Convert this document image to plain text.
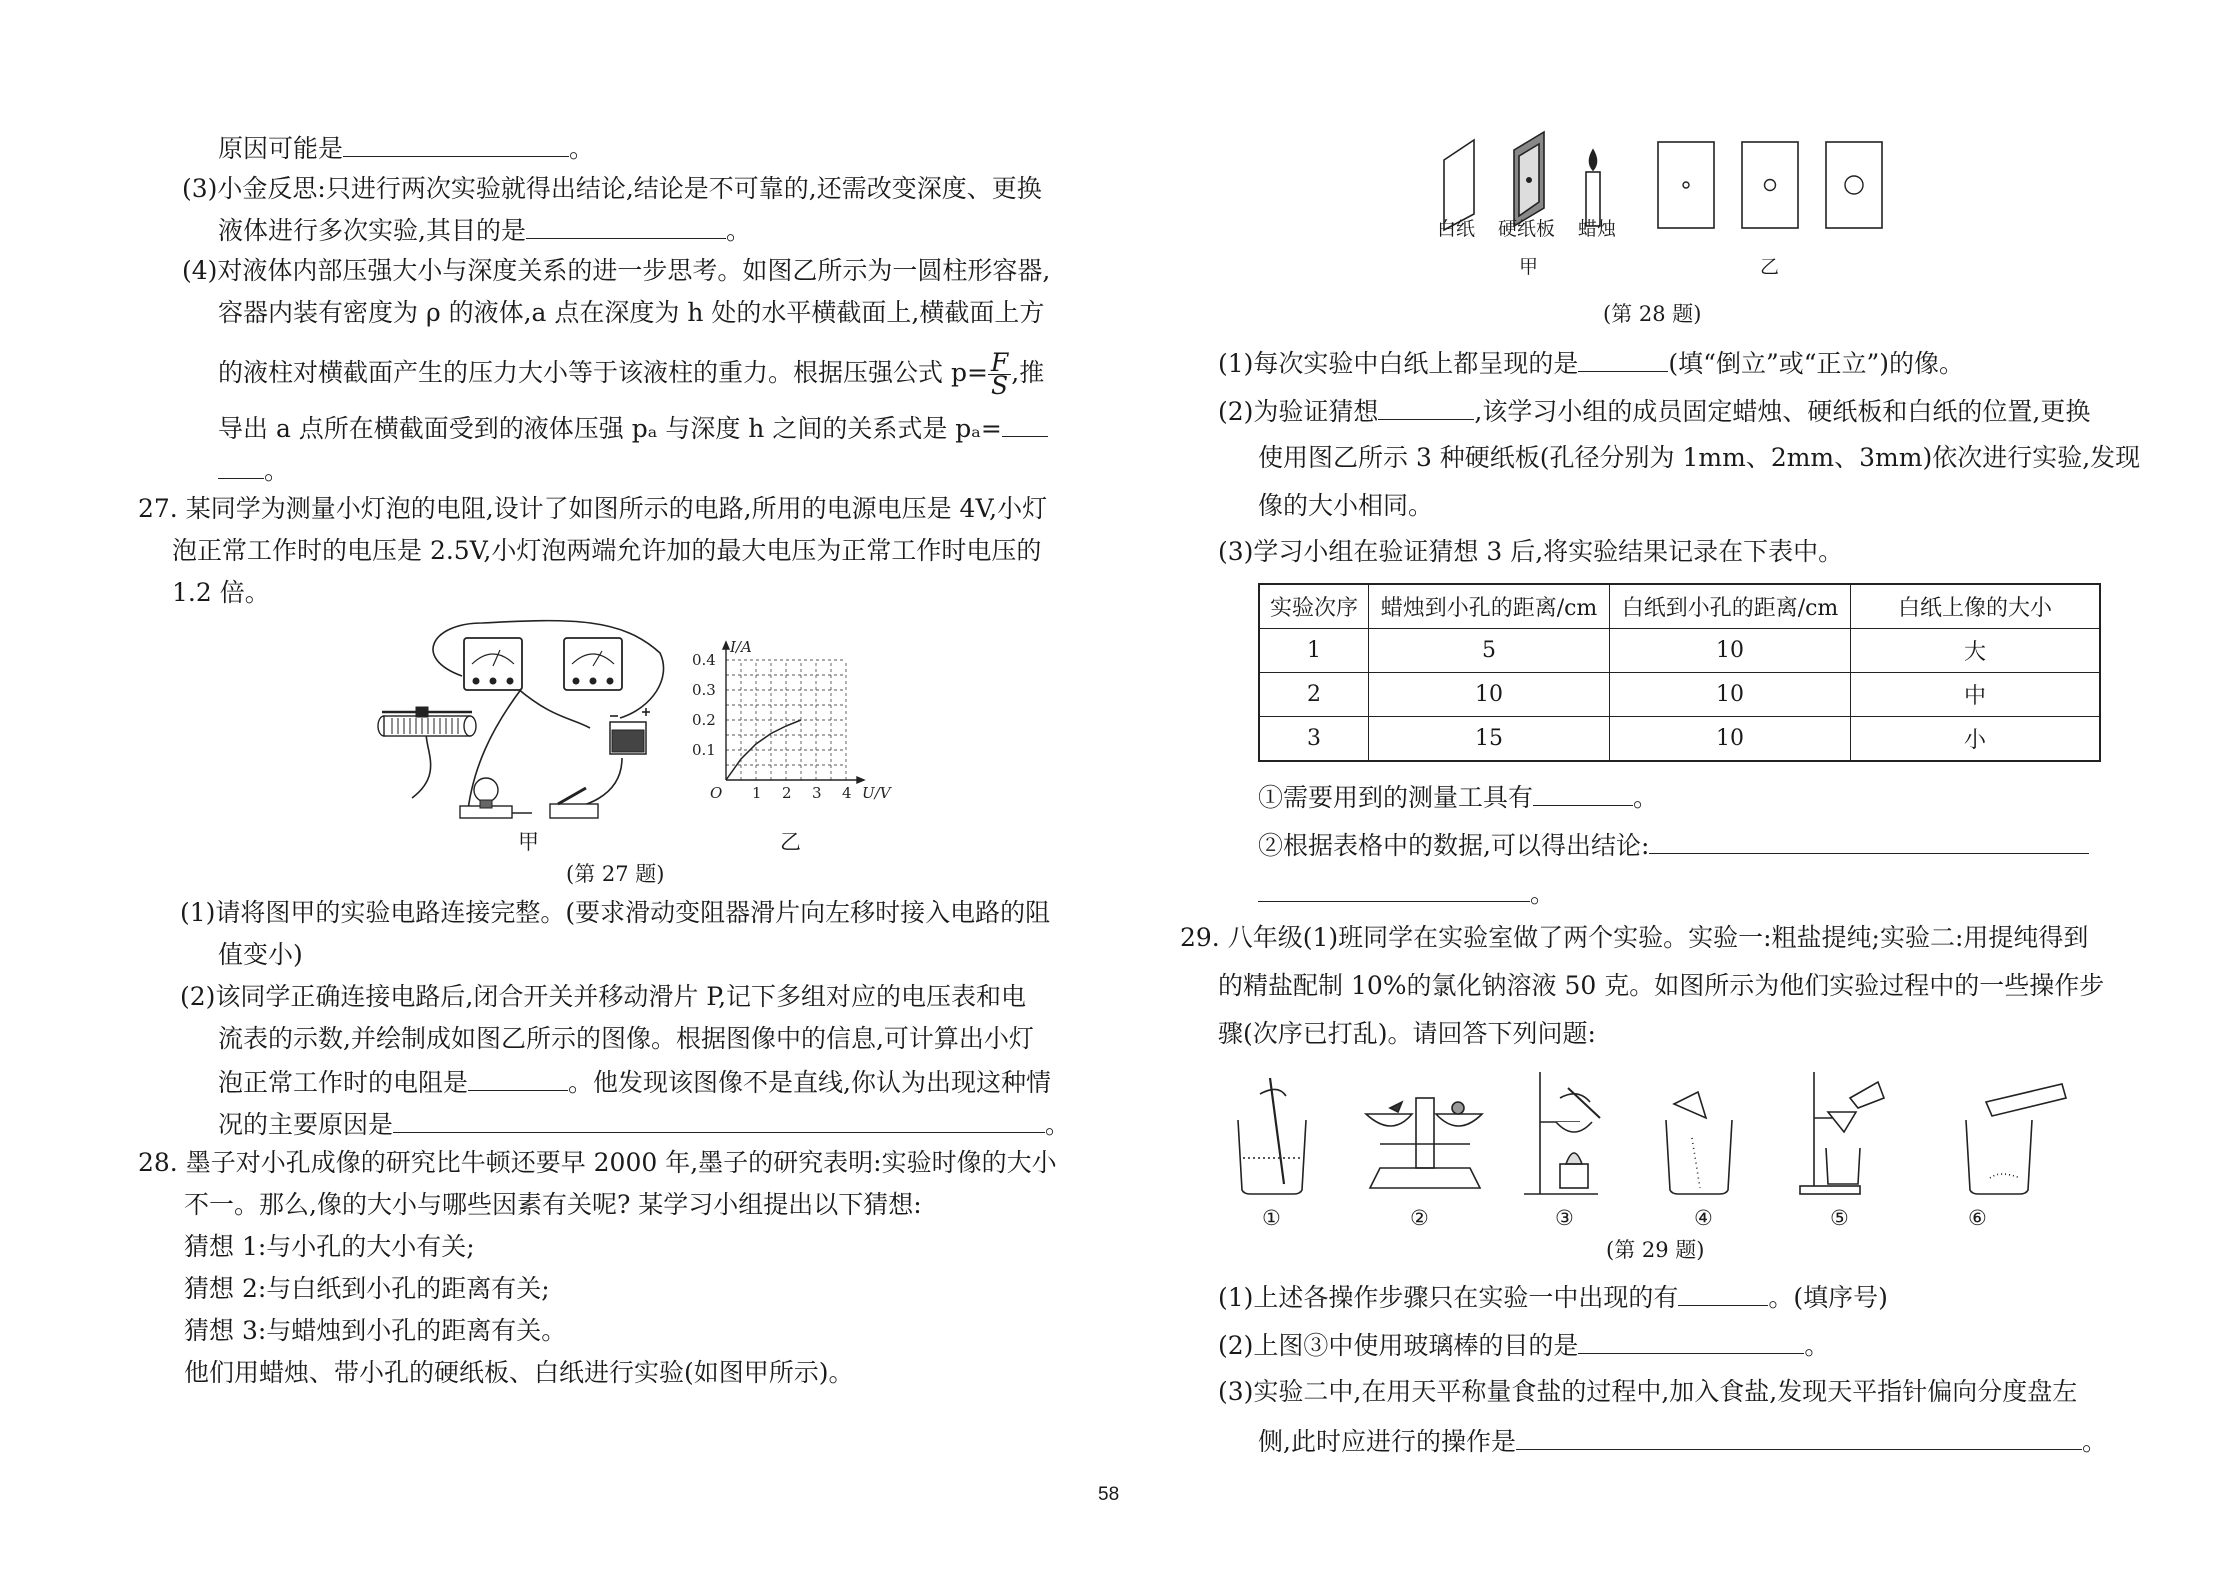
原因可能是	。
(3)小金反思:只进行两次实验就得出结论,结论是不可靠的,还需改变深度、更换
液体进行多次实验,其目的是	。
(4)对液体内部压强大小与深度关系的进一步思考。如图乙所示为一圆柱形容器,
容器内装有密度为 ρ 的液体,a 点在深度为 h 处的水平横截面上,横截面上方
的液柱对横截面产生的压力大小等于该液柱的重力。根据压强公式 $p= \frac{F}{S}$ ,推
导出 a 点所在横截面受到的液体压强 pₐ 与深度 h 之间的关系式是 pₐ=
。
27. 某同学为测量小灯泡的电阻,设计了如图所示的电路,所用的电源电压是 4V,小灯
泡正常工作时的电压是 2.5V,小灯泡两端允许加的最大电压为正常工作时电压的
1.2 倍。
甲
1 2 3 4
0.1
0.2
0.3
0.4
O	U/V
I/A
乙
(第 27 题)
(1)请将图甲的实验电路连接完整。(要求滑动变阻器滑片向左移时接入电路的阻
值变小)
(2)该同学正确连接电路后,闭合开关并移动滑片 P,记下多组对应的电压表和电
流表的示数,并绘制成如图乙所示的图像。根据图像中的信息,可计算出小灯
泡正常工作时的电阻是	。他发现该图像不是直线,你认为出现这种情
况的主要原因是	。
28. 墨子对小孔成像的研究比牛顿还要早 2000 年,墨子的研究表明:实验时像的大小
不一。那么,像的大小与哪些因素有关呢? 某学习小组提出以下猜想:
猜想 1:与小孔的大小有关;
猜想 2:与白纸到小孔的距离有关;
猜想 3:与蜡烛到小孔的距离有关。
他们用蜡烛、带小孔的硬纸板、白纸进行实验(如图甲所示)。
白纸 硬纸板 蜡烛
甲	乙
(第 28 题)
(1)每次实验中白纸上都呈现的是	(填“倒立”或“正立”)的像。
(2)为验证猜想	,该学习小组的成员固定蜡烛、硬纸板和白纸的位置,更换
使用图乙所示 3 种硬纸板(孔径分别为 1mm、2mm、3mm)依次进行实验,发现
像的大小相同。
(3)学习小组在验证猜想 3 后,将实验结果记录在下表中。
实验次序	蜡烛到小孔的距离/cm	白纸到小孔的距离/cm	白纸上像的大小
1	5	10	大
2	10	10	中
3	15	10	小
①需要用到的测量工具有	。
②根据表格中的数据,可以得出结论:
。
29. 八年级(1)班同学在实验室做了两个实验。实验一:粗盐提纯;实验二:用提纯得到
的精盐配制 10%的氯化钠溶液 50 克。如图所示为他们实验过程中的一些操作步
骤(次序已打乱)。请回答下列问题:
①	②	③	④	⑤	⑥
(第 29 题)
(1)上述各操作步骤只在实验一中出现的有	。(填序号)
(2)上图③中使用玻璃棒的目的是	。
(3)实验二中,在用天平称量食盐的过程中,加入食盐,发现天平指针偏向分度盘左
侧,此时应进行的操作是	。
58
